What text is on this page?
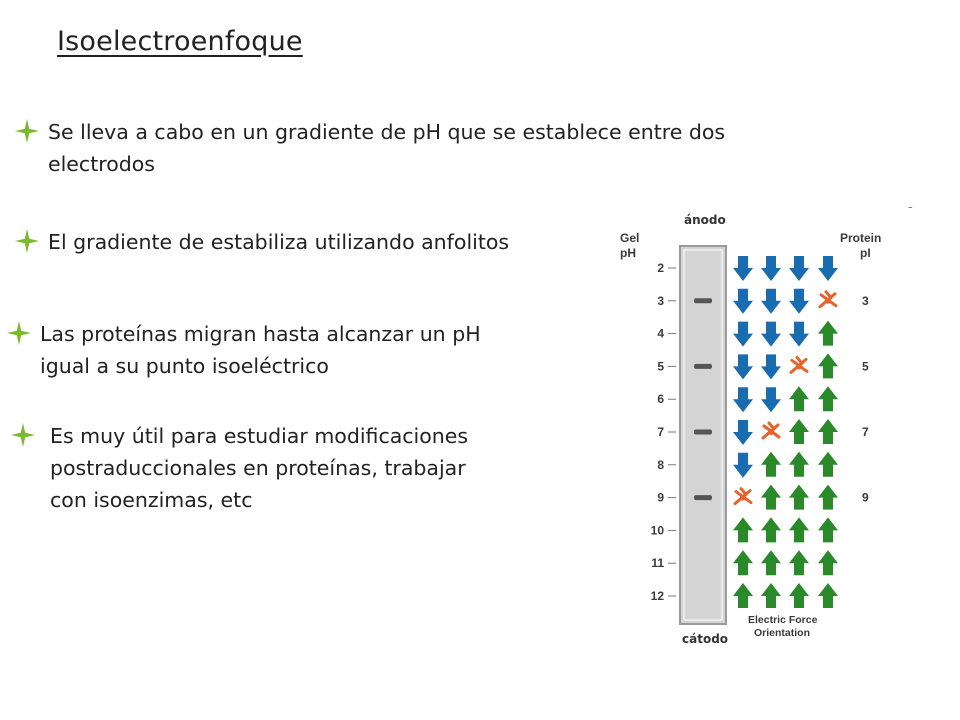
Isoelectroenfoque
Se lleva a cabo en un gradiente de pH que se establece entre dos
electrodos
El gradiente de estabiliza utilizando anfolitos
Las proteínas migran hasta alcanzar un pH
igual a su punto isoeléctrico
Es muy útil para estudiar modificaciones
postraduccionales en proteínas, trabajar
con isoenzimas, etc
ánodo
cátodo
-
Gel
pH
Protein
pI
2
3
4
5
6
7
8
9
10
11
12
3
5
7
9
Electric Force
Orientation
